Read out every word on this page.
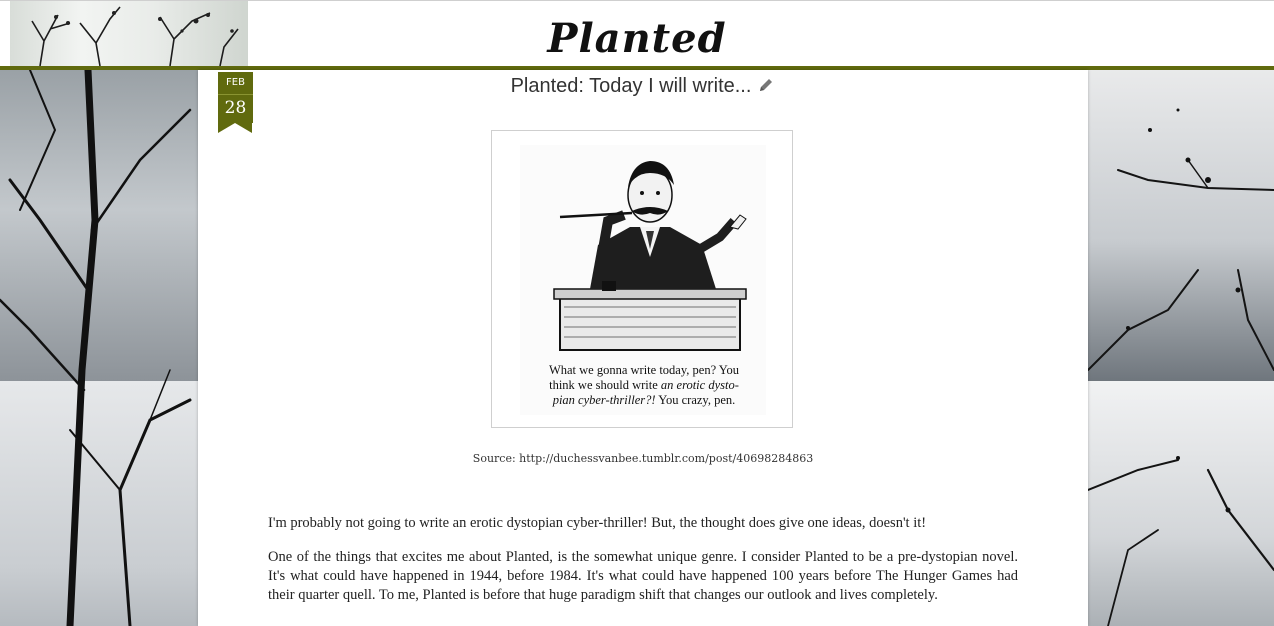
Planted
FEB
28
Planted: Today I will write...
What we gonna write today, pen? You
think we should write an erotic dysto-
pian cyber-thriller?! You crazy, pen.
Source: http://duchessvanbee.tumblr.com/post/40698284863

I'm probably not going to write an erotic dystopian cyber-thriller! But, the thought does give one ideas, doesn't it!

One of the things that excites me about Planted, is the somewhat unique genre. I consider Planted to be a pre-dystopian novel. It's what could have happened in 1944, before 1984. It's what could have happened 100 years before The Hunger Games had their quarter quell. To me, Planted is before that huge paradigm shift that changes our outlook and lives completely.
